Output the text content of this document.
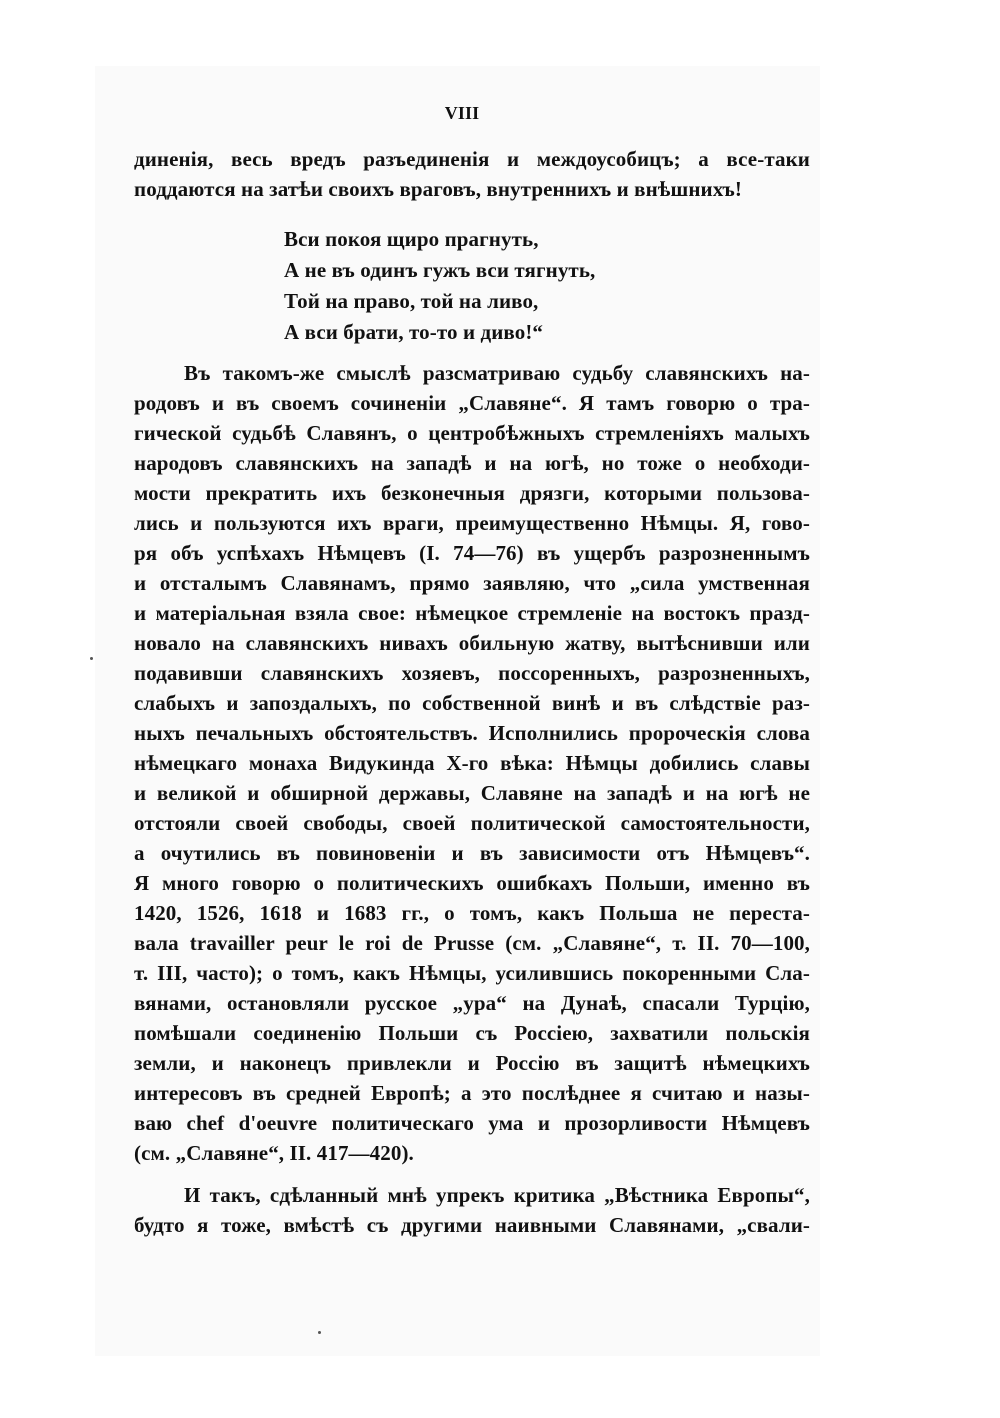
VIII
диненія, весь вредъ разъединенія и междоусобицъ; а все-таки
поддаются на затѣи своихъ враговъ, внутреннихъ и внѣшнихъ!
Вси покоя щиро прагнуть,
А не въ одинъ гужъ вси тягнуть,
Той на право, той на ливо,
А вси брати, то-то и диво!“
Въ такомъ-же смыслѣ разсматриваю судьбу славянскихъ на-
родовъ и въ своемъ сочиненіи „Славяне“. Я тамъ говорю о тра-
гической судьбѣ Славянъ, о центробѣжныхъ стремленіяхъ малыхъ
народовъ славянскихъ на западѣ и на югѣ, но тоже о необходи-
мости прекратить ихъ безконечныя дрязги, которыми пользова-
лись и пользуются ихъ враги, преимущественно Нѣмцы. Я, гово-
ря объ успѣхахъ Нѣмцевъ (I. 74—76) въ ущербъ разрозненнымъ
и отсталымъ Славянамъ, прямо заявляю, что „сила умственная
и матеріальная взяла свое: нѣмецкое стремленіе на востокъ празд-
новало на славянскихъ нивахъ обильную жатву, вытѣснивши или
подавивши славянскихъ хозяевъ, поссоренныхъ, разрозненныхъ,
слабыхъ и запоздалыхъ, по собственной винѣ и въ слѣдствіе раз-
ныхъ печальныхъ обстоятельствъ. Исполнились пророческія слова
нѣмецкаго монаха Видукинда X-го вѣка: Нѣмцы добились славы
и великой и обширной державы, Славяне на западѣ и на югѣ не
отстояли своей свободы, своей политической самостоятельности,
а очутились въ повиновеніи и въ зависимости отъ Нѣмцевъ“.
Я много говорю о политическихъ ошибкахъ Польши, именно въ
1420, 1526, 1618 и 1683 гг., о томъ, какъ Польша не переста-
вала travailler peur le roi de Prusse (см. „Славяне“, т. II. 70—100,
т. III, часто); о томъ, какъ Нѣмцы, усилившись покоренными Сла-
вянами, остановляли русское „ура“ на Дунаѣ, спасали Турцію,
помѣшали соединенію Польши съ Россіею, захватили польскія
земли, и наконецъ привлекли и Россію въ защитѣ нѣмецкихъ
интересовъ въ средней Европѣ; а это послѣднее я считаю и назы-
ваю chef d'oeuvre политическаго ума и прозорливости Нѣмцевъ
(см. „Славяне“, II. 417—420).
И такъ, сдѣланный мнѣ упрекъ критика „Вѣстника Европы“,
будто я тоже, вмѣстѣ съ другими наивными Славянами, „свали-
